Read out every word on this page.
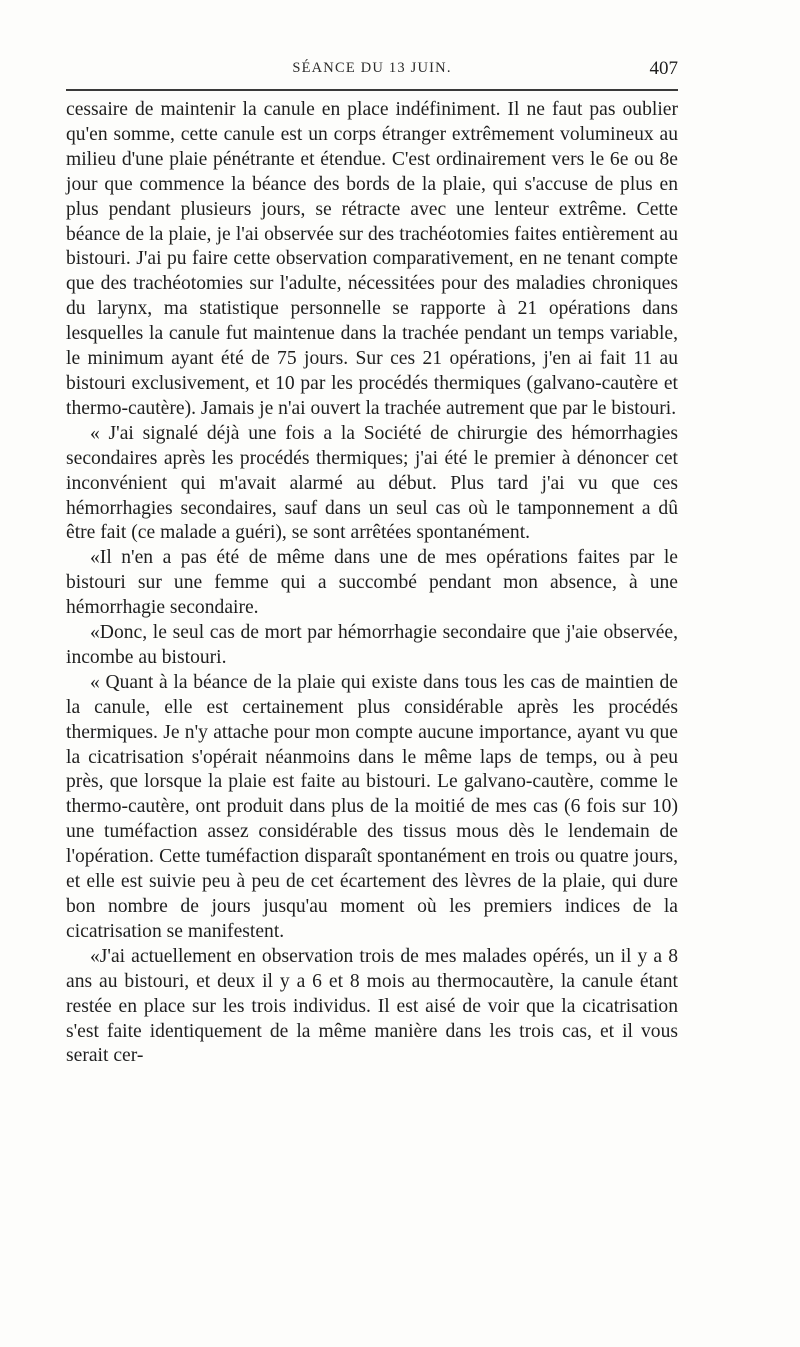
SÉANCE DU 13 JUIN.	407

cessaire de maintenir la canule en place indéfiniment. Il ne faut pas oublier qu'en somme, cette canule est un corps étranger extrêmement volumineux au milieu d'une plaie pénétrante et étendue. C'est ordinairement vers le 6e ou 8e jour que commence la béance des bords de la plaie, qui s'accuse de plus en plus pendant plusieurs jours, se rétracte avec une lenteur extrême. Cette béance de la plaie, je l'ai observée sur des trachéotomies faites entièrement au bistouri. J'ai pu faire cette observation comparativement, en ne tenant compte que des trachéotomies sur l'adulte, nécessitées pour des maladies chroniques du larynx, ma statistique personnelle se rapporte à 21 opérations dans lesquelles la canule fut maintenue dans la trachée pendant un temps variable, le minimum ayant été de 75 jours. Sur ces 21 opérations, j'en ai fait 11 au bistouri exclusivement, et 10 par les procédés thermiques (galvano-cautère et thermo-cautère). Jamais je n'ai ouvert la trachée autrement que par le bistouri.

« J'ai signalé déjà une fois a la Société de chirurgie des hémorrhagies secondaires après les procédés thermiques; j'ai été le premier à dénoncer cet inconvénient qui m'avait alarmé au début. Plus tard j'ai vu que ces hémorrhagies secondaires, sauf dans un seul cas où le tamponnement a dû être fait (ce malade a guéri), se sont arrêtées spontanément.

«Il n'en a pas été de même dans une de mes opérations faites par le bistouri sur une femme qui a succombé pendant mon absence, à une hémorrhagie secondaire.

«Donc, le seul cas de mort par hémorrhagie secondaire que j'aie observée, incombe au bistouri.

« Quant à la béance de la plaie qui existe dans tous les cas de maintien de la canule, elle est certainement plus considérable après les procédés thermiques. Je n'y attache pour mon compte aucune importance, ayant vu que la cicatrisation s'opérait néanmoins dans le même laps de temps, ou à peu près, que lorsque la plaie est faite au bistouri. Le galvano-cautère, comme le thermo-cautère, ont produit dans plus de la moitié de mes cas (6 fois sur 10) une tuméfaction assez considérable des tissus mous dès le lendemain de l'opération. Cette tuméfaction disparaît spontanément en trois ou quatre jours, et elle est suivie peu à peu de cet écartement des lèvres de la plaie, qui dure bon nombre de jours jusqu'au moment où les premiers indices de la cicatrisation se manifestent.

«J'ai actuellement en observation trois de mes malades opérés, un il y a 8 ans au bistouri, et deux il y a 6 et 8 mois au thermocautère, la canule étant restée en place sur les trois individus. Il est aisé de voir que la cicatrisation s'est faite identiquement de la même manière dans les trois cas, et il vous serait cer-
